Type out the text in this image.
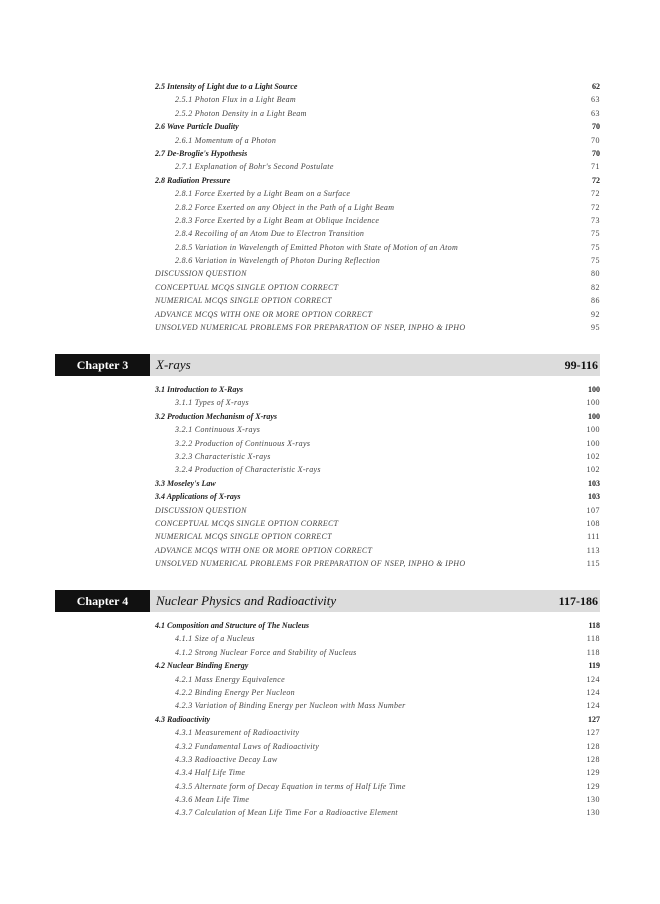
2.5 Intensity of Light due to a Light Source	62
2.5.1 Photon Flux in a Light Beam	63
2.5.2 Photon Density in a Light Beam	63
2.6 Wave Particle Duality	70
2.6.1 Momentum of a Photon	70
2.7 De-Broglie's Hypothesis	70
2.7.1 Explanation of Bohr's Second Postulate	71
2.8 Radiation Pressure	72
2.8.1 Force Exerted by a Light Beam on a Surface	72
2.8.2 Force Exerted on any Object in the Path of a Light Beam	72
2.8.3 Force Exerted by a Light Beam at Oblique Incidence	73
2.8.4 Recoiling of an Atom Due to Electron Transition	75
2.8.5 Variation in Wavelength of Emitted Photon with State of Motion of an Atom	75
2.8.6 Variation in Wavelength of Photon During Reflection	75
DISCUSSION QUESTION	80
CONCEPTUAL MCQS SINGLE OPTION CORRECT	82
NUMERICAL MCQS SINGLE OPTION CORRECT	86
ADVANCE MCQS WITH ONE OR MORE OPTION CORRECT	92
UNSOLVED NUMERICAL PROBLEMS FOR PREPARATION OF NSEP, INPHO & IPHO	95
Chapter 3	X-rays	99-116
3.1 Introduction to X-Rays	100
3.1.1 Types of X-rays	100
3.2 Production Mechanism of X-rays	100
3.2.1 Continuous X-rays	100
3.2.2 Production of Continuous X-rays	100
3.2.3 Characteristic X-rays	102
3.2.4 Production of Characteristic X-rays	102
3.3 Moseley's Law	103
3.4 Applications of X-rays	103
DISCUSSION QUESTION	107
CONCEPTUAL MCQS SINGLE OPTION CORRECT	108
NUMERICAL MCQS SINGLE OPTION CORRECT	111
ADVANCE MCQS WITH ONE OR MORE OPTION CORRECT	113
UNSOLVED NUMERICAL PROBLEMS FOR PREPARATION OF NSEP, INPHO & IPHO	115
Chapter 4	Nuclear Physics and Radioactivity	117-186
4.1 Composition and Structure of The Nucleus	118
4.1.1 Size of a Nucleus	118
4.1.2 Strong Nuclear Force and Stability of Nucleus	118
4.2 Nuclear Binding Energy	119
4.2.1 Mass Energy Equivalence	124
4.2.2 Binding Energy Per Nucleon	124
4.2.3 Variation of Binding Energy per Nucleon with Mass Number	124
4.3 Radioactivity	127
4.3.1 Measurement of Radioactivity	127
4.3.2 Fundamental Laws of Radioactivity	128
4.3.3 Radioactive Decay Law	128
4.3.4 Half Life Time	129
4.3.5 Alternate form of Decay Equation in terms of Half Life Time	129
4.3.6 Mean Life Time	130
4.3.7 Calculation of Mean Life Time For a Radioactive Element	130
